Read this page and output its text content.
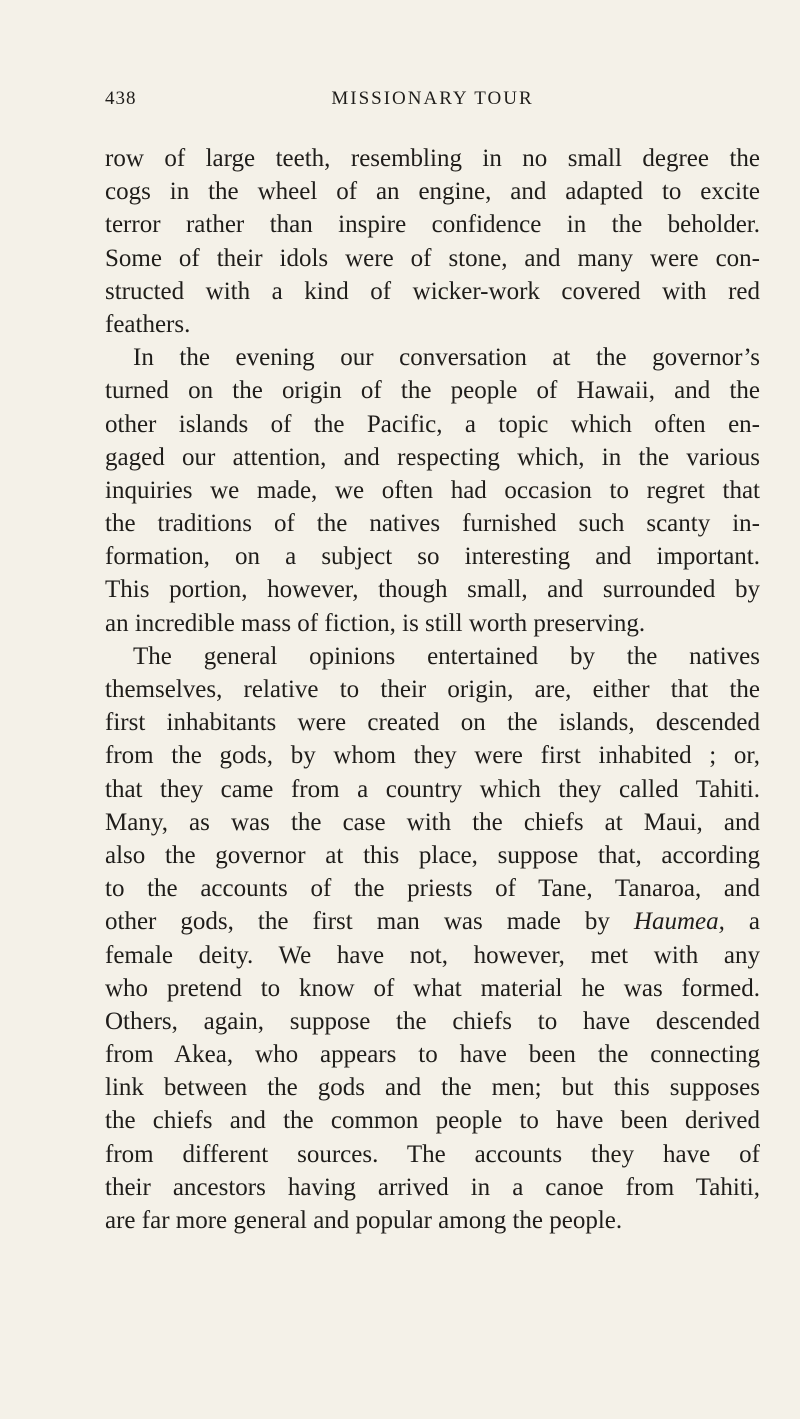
438	MISSIONARY TOUR
row of large teeth, resembling in no small degree the
cogs in the wheel of an engine, and adapted to excite
terror rather than inspire confidence in the beholder.
Some of their idols were of stone, and many were con-
structed with a kind of wicker-work covered with red
feathers.
In the evening our conversation at the governor’s
turned on the origin of the people of Hawaii, and the
other islands of the Pacific, a topic which often en-
gaged our attention, and respecting which, in the various
inquiries we made, we often had occasion to regret that
the traditions of the natives furnished such scanty in-
formation, on a subject so interesting and important.
This portion, however, though small, and surrounded by
an incredible mass of fiction, is still worth preserving.
The general opinions entertained by the natives
themselves, relative to their origin, are, either that the
first inhabitants were created on the islands, descended
from the gods, by whom they were first inhabited ; or,
that they came from a country which they called Tahiti.
Many, as was the case with the chiefs at Maui, and
also the governor at this place, suppose that, according
to the accounts of the priests of Tane, Tanaroa, and
other gods, the first man was made by Haumea, a
female deity. We have not, however, met with any
who pretend to know of what material he was formed.
Others, again, suppose the chiefs to have descended
from Akea, who appears to have been the connecting
link between the gods and the men; but this supposes
the chiefs and the common people to have been derived
from different sources. The accounts they have of
their ancestors having arrived in a canoe from Tahiti,
are far more general and popular among the people.
